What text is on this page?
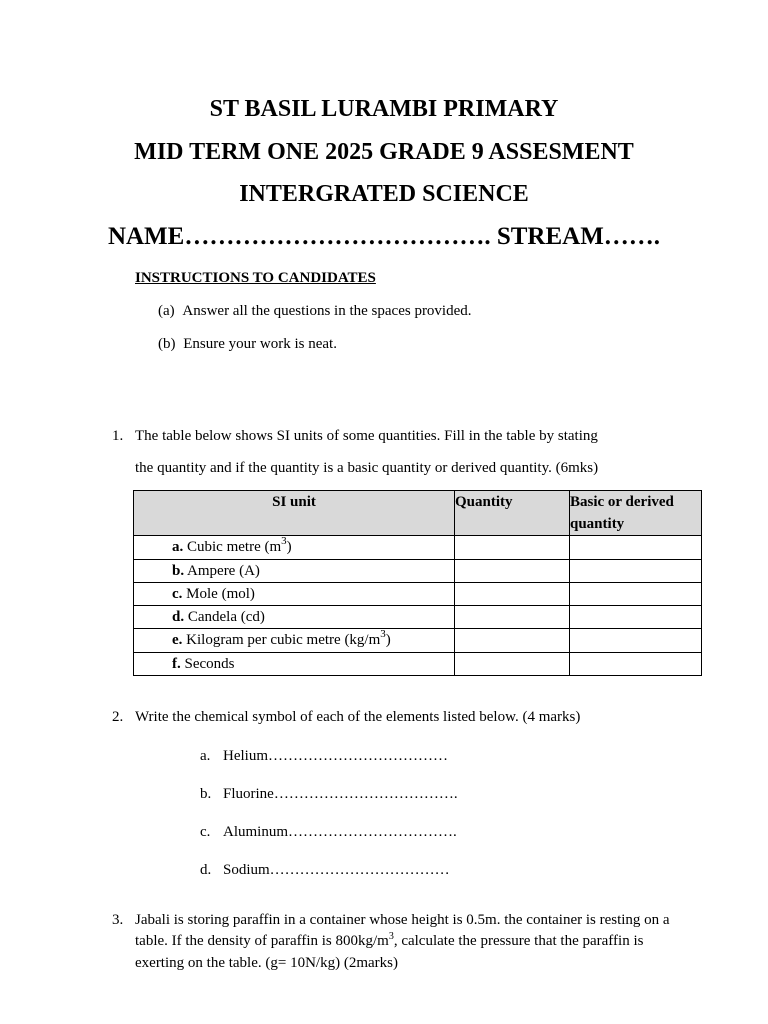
ST BASIL LURAMBI PRIMARY
MID TERM ONE 2025 GRADE 9 ASSESMENT
INTERGRATED SCIENCE
NAME………………………………. STREAM…….
INSTRUCTIONS TO CANDIDATES
(a) Answer all the questions in the spaces provided.
(b) Ensure your work is neat.
1. The table below shows SI units of some quantities. Fill in the table by stating
the quantity and if the quantity is a basic quantity or derived quantity. (6mks)
SI unit	Quantity	Basic or derived quantity
a. Cubic metre $(m^3)$		
b. Ampere (A)		
c. Mole (mol)		
d. Candela (cd)		
e. Kilogram per cubic metre $(kg/m^3)$		
f. Seconds		
2. Write the chemical symbol of each of the elements listed below. (4 marks)
a. Helium………………………………
b. Fluorine……………………………….
c. Aluminum…………………………….
d. Sodium………………………………
3. Jabali is storing paraffin in a container whose height is 0.5m. the container is resting on a table. If the density of paraffin is $800kg/m^3$, calculate the pressure that the paraffin is exerting on the table. (g= 10N/kg) (2marks)
